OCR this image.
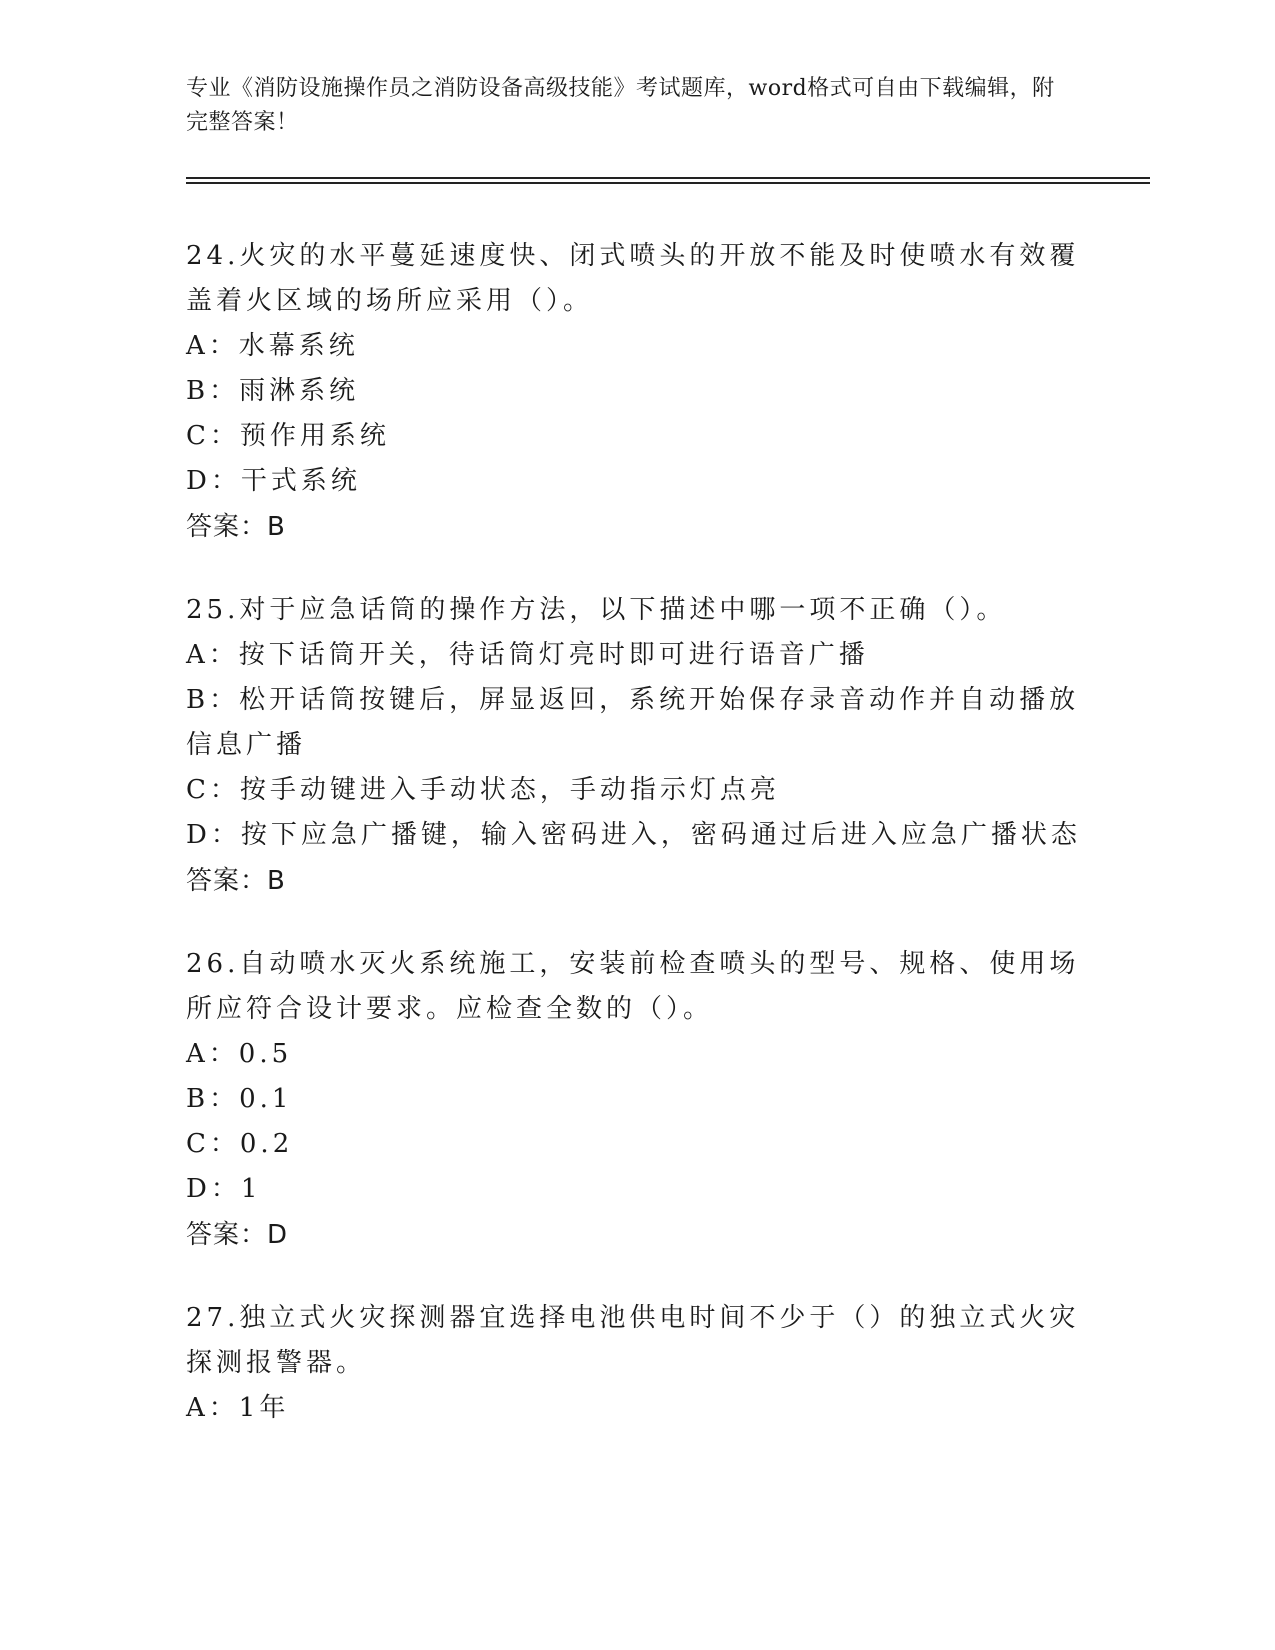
专业《消防设施操作员之消防设备高级技能》考试题库，word格式可自由下载编辑，附完整答案！
24.火灾的水平蔓延速度快、闭式喷头的开放不能及时使喷水有效覆盖着火区域的场所应采用（）。
A：水幕系统
B：雨淋系统
C：预作用系统
D：干式系统
答案：B
25.对于应急话筒的操作方法，以下描述中哪一项不正确（）。
A：按下话筒开关，待话筒灯亮时即可进行语音广播
B：松开话筒按键后，屏显返回，系统开始保存录音动作并自动播放信息广播
C：按手动键进入手动状态，手动指示灯点亮
D：按下应急广播键，输入密码进入，密码通过后进入应急广播状态
答案：B
26.自动喷水灭火系统施工，安装前检查喷头的型号、规格、使用场所应符合设计要求。应检查全数的（）。
A：0.5
B：0.1
C：0.2
D：1
答案：D
27.独立式火灾探测器宜选择电池供电时间不少于（）的独立式火灾探测报警器。
A：1年
